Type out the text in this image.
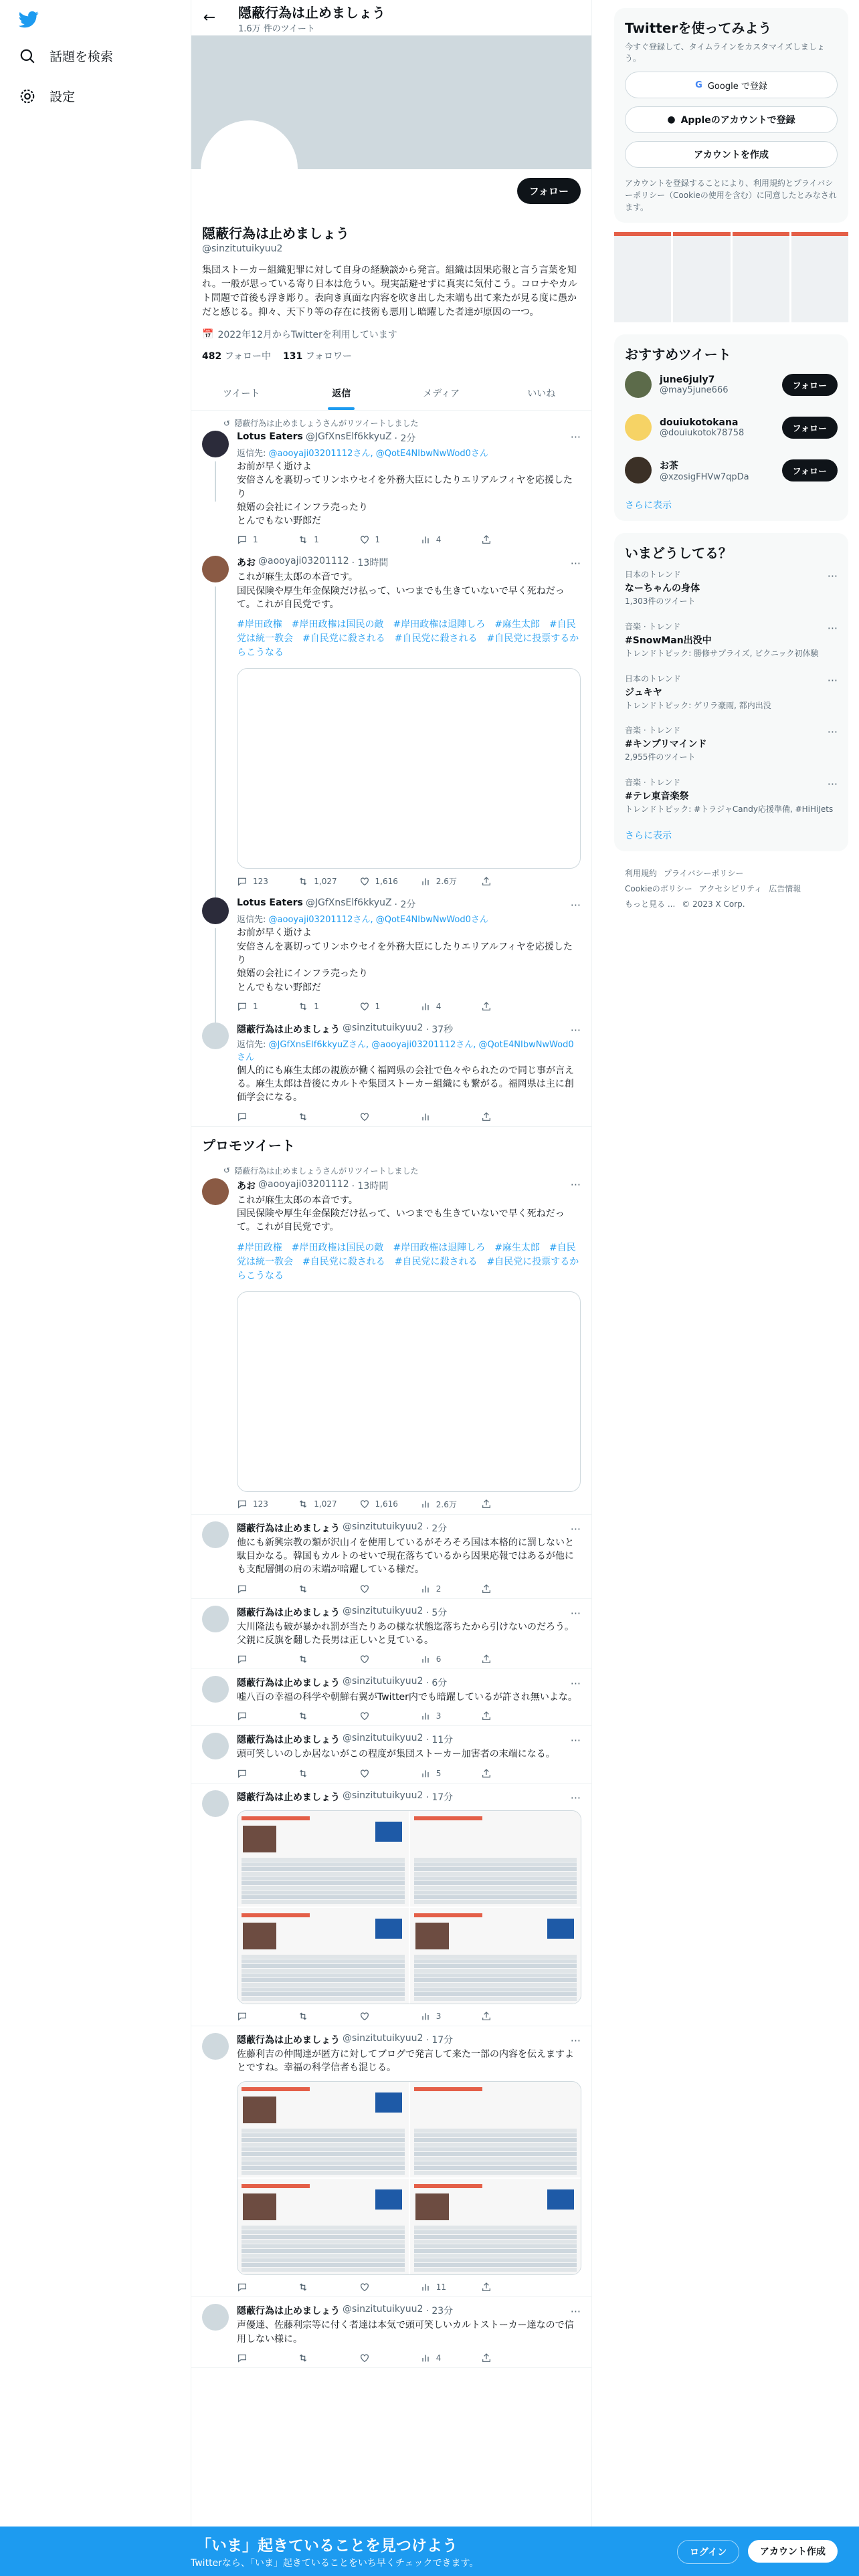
話題を検索
設定
← 隠蔽行為は止めましょう
1.6万 件のツイート
フォロー
隠蔽行為は止めましょう
@sinzitutuikyuu2
集団ストーカー組織犯罪に対して自身の経験談から発言。組織は因果応報と言う言葉を知れ。一般が思っている寄り日本は危うい。現実話避せずに真実に気付こう。コロナやカルト問題で首後も浮き彫り。表向き真面な内容を吹き出した末端も出て来たが見る度に愚かだと感じる。抑々、天下り等の存在に技術も悪用し暗躍した者達が原因の一つ。
📅 2022年12月からTwitterを利用しています
482 フォロー中 131 フォロワー
ツイート	返信	メディア	いいね
↺ 隠蔽行為は止めましょうさんがリツイートしました
···
Lotus Eaters @JGfXnsElf6kkyuZ · 2分
返信先: @aooyaji03201112さん, @QotE4NIbwNwWod0さん
お前が早く逝けよ
安倍さんを裏切ってリンホウセイを外務大臣にしたりエリアルフィヤを応援したり
娘婿の会社にインフラ売ったり
とんでもない野郎だ
1	1	1	4
···
あお @aooyaji03201112 · 13時間
これが麻生太郎の本音です。
国民保険や厚生年金保険だけ払って、いつまでも生きていないで早く死ねだって。これが自民党です。
#岸田政権　#岸田政権は国民の敵　#岸田政権は退陣しろ　#麻生太郎　#自民党は統一教会　#自民党に殺される　#自民党に殺される　#自民党に投票するからこうなる
123	1,027	1,616	2.6万
···
Lotus Eaters @JGfXnsElf6kkyuZ · 2分
返信先: @aooyaji03201112さん, @QotE4NIbwNwWod0さん
お前が早く逝けよ
安倍さんを裏切ってリンホウセイを外務大臣にしたりエリアルフィヤを応援したり
娘婿の会社にインフラ売ったり
とんでもない野郎だ
1	1	1	4
···
隠蔽行為は止めましょう @sinzitutuikyuu2 · 37秒
返信先: @JGfXnsElf6kkyuZさん, @aooyaji03201112さん, @QotE4NIbwNwWod0さん
個人的にも麻生太郎の親族が働く福岡県の会社で色々やられたので同じ事が言える。麻生太郎は昔後にカルトや集団ストーカー組織にも繋がる。福岡県は主に創価学会になる。
プロモツイート
↺ 隠蔽行為は止めましょうさんがリツイートしました
···
あお @aooyaji03201112 · 13時間
これが麻生太郎の本音です。
国民保険や厚生年金保険だけ払って、いつまでも生きていないで早く死ねだって。これが自民党です。
#岸田政権　#岸田政権は国民の敵　#岸田政権は退陣しろ　#麻生太郎　#自民党は統一教会　#自民党に殺される　#自民党に殺される　#自民党に投票するからこうなる
123	1,027	1,616	2.6万
···
隠蔽行為は止めましょう @sinzitutuikyuu2 · 2分
他にも新興宗教の類が沢山イを使用しているがそろそろ国は本格的に罰しないと駄目かなる。韓国もカルトのせいで現在落ちているから因果応報ではあるが他にも支配層側の肩の末端が暗躍している様だ。
2
···
隠蔽行為は止めましょう @sinzitutuikyuu2 · 5分
大川隆法も破が暴かれ罰が当たりあの様な状態迄落ちたから引けないのだろう。父親に反旗を翻した長男は正しいと見ている。
6
···
隠蔽行為は止めましょう @sinzitutuikyuu2 · 6分
嘘八百の幸福の科学や朝鮮右翼がTwitter内でも暗躍しているが許され無いよな。
3
···
隠蔽行為は止めましょう @sinzitutuikyuu2 · 11分
頭可笑しいのしか居ないがこの程度が集団ストーカー加害者の末端になる。
5
···
隠蔽行為は止めましょう @sinzitutuikyuu2 · 17分
3
···
隠蔽行為は止めましょう @sinzitutuikyuu2 · 17分
佐藤利吉の仲間達が匿方に対してブログで発言して来た一部の内容を伝えますよとですね。幸福の科学信者も混じる。
11
···
隠蔽行為は止めましょう @sinzitutuikyuu2 · 23分
声優達、佐藤利宗等に付く者達は本気で頭可笑しいカルトストーカー達なので信用しない様に。
4
Twitterを使ってみよう
今すぐ登録して、タイムラインをカスタマイズしましょう。
G Google で登録
● Appleのアカウントで登録
アカウントを作成
アカウントを登録することにより、利用規約とプライバシーポリシー（Cookieの使用を含む）に同意したとみなされます。
おすすめツイート
june6july7
@may5june666	フォロー
douiukotokana
@douiukotok78758	フォロー
お茶
@xzosigFHVw7qpDa
フォロー
さらに表示
いまどうしてる？
日本のトレンド
なーちゃんの身体
1,303件のツイート
···
音楽 · トレンド
#SnowMan出没中
トレンドトピック: 勝修サプライズ, ビクニック初体験
···
日本のトレンド
ジュキヤ
トレンドトピック: ゲリラ豪雨, 都内出没
···
音楽 · トレンド
#キンプリマインド
2,955件のツイート
···
音楽 · トレンド
#テレ東音楽祭
トレンドトピック: #トラジャCandy応援準備, #HiHiJets
···
さらに表示
利用規約 プライバシーポリシー
Cookieのポリシー アクセシビリティ 広告情報
もっと見る ... © 2023 X Corp.
「いま」起きていることを見つけよう
Twitterなら、「いま」起きていることをいち早くチェックできます。
ログイン	アカウント作成
